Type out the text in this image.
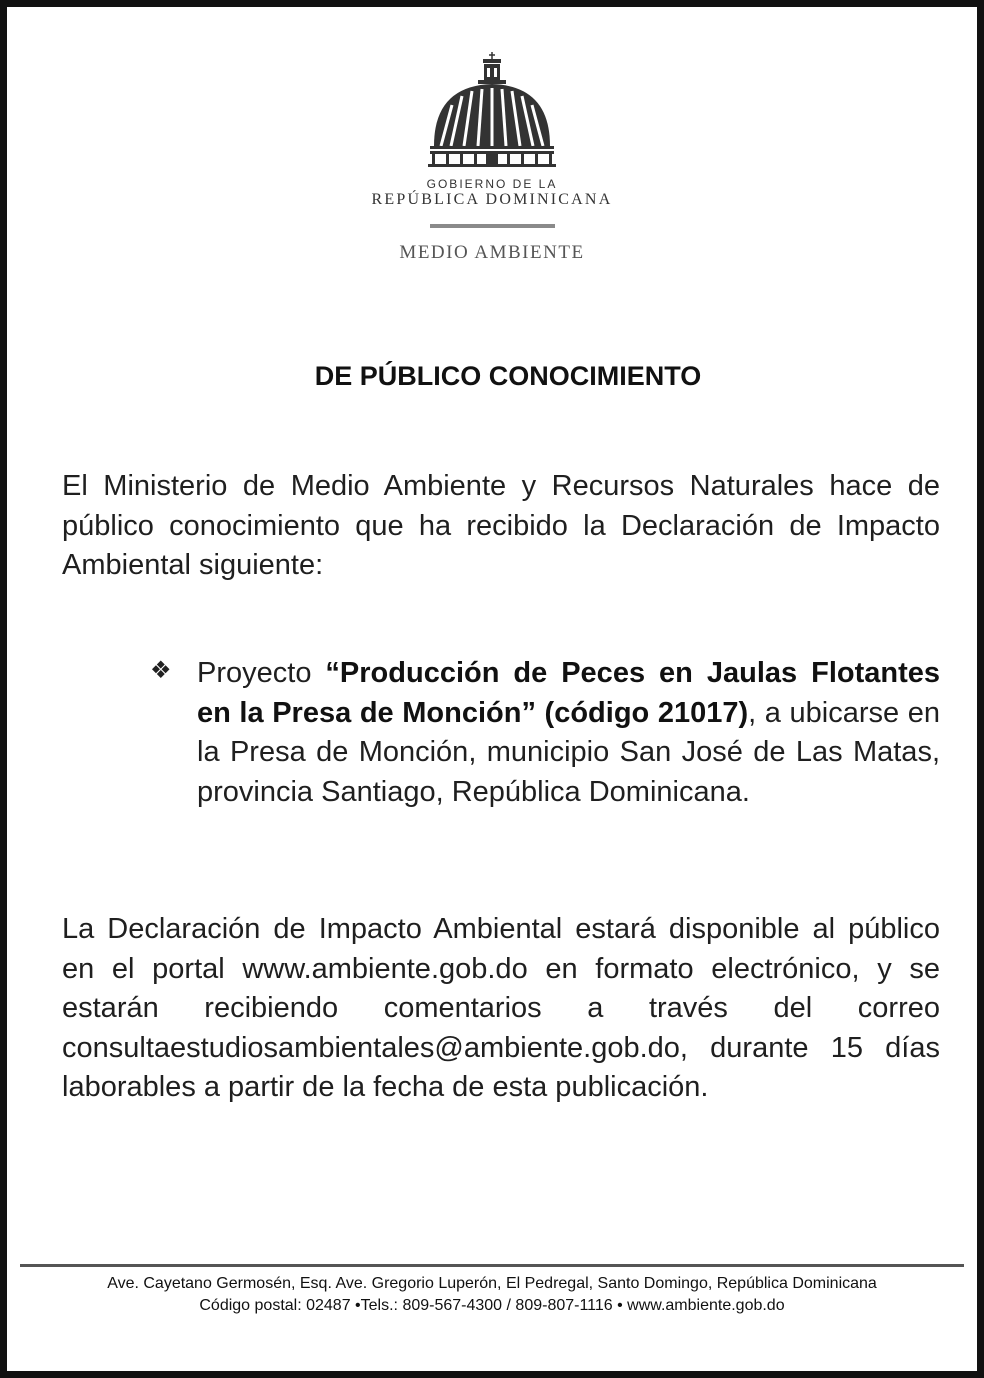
GOBIERNO DE LA
REPÚBLICA DOMINICANA
MEDIO AMBIENTE
DE PÚBLICO CONOCIMIENTO
El Ministerio de Medio Ambiente y Recursos Naturales hace de público conocimiento que ha recibido la Declaración de Impacto Ambiental siguiente:
❖ Proyecto “Producción de Peces en Jaulas Flotantes en la Presa de Monción” (código 21017), a ubicarse en la Presa de Monción, municipio San José de Las Matas, provincia Santiago, República Dominicana.
La Declaración de Impacto Ambiental estará disponible al público en el portal www.ambiente.gob.do en formato electrónico, y se estarán recibiendo comentarios a través del correo consultaestudiosambientales@ambiente.gob.do, durante 15 días laborables a partir de la fecha de esta publicación.
Ave. Cayetano Germosén, Esq. Ave. Gregorio Luperón, El Pedregal, Santo Domingo, República Dominicana
Código postal: 02487 •Tels.: 809-567-4300 / 809-807-1116 • www.ambiente.gob.do
